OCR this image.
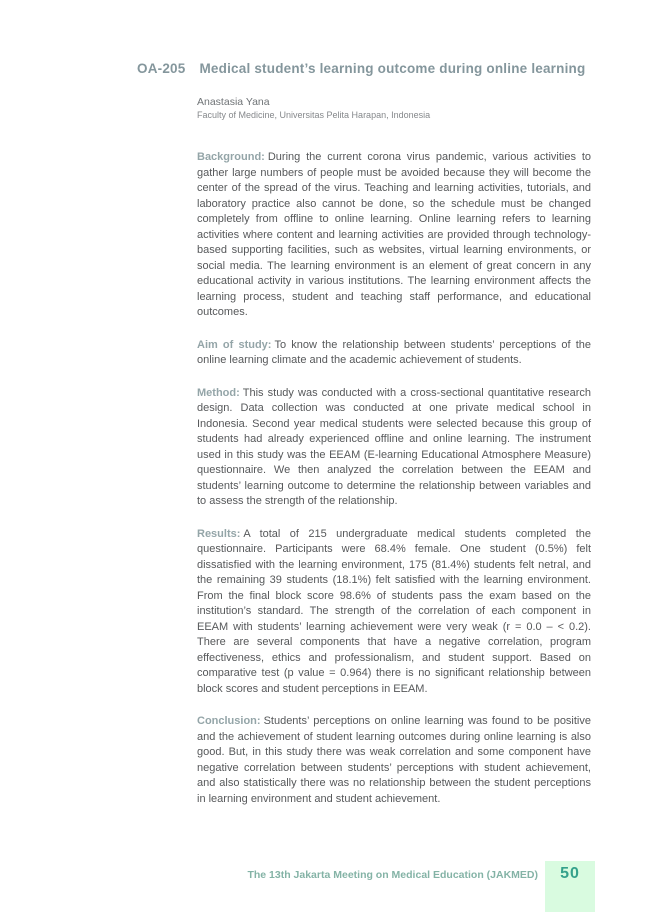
OA-205 Medical student’s learning outcome during online learning
Anastasia Yana
Faculty of Medicine, Universitas Pelita Harapan, Indonesia

Background: During the current corona virus pandemic, various activities to gather large numbers of people must be avoided because they will become the center of the spread of the virus. Teaching and learning activities, tutorials, and laboratory practice also cannot be done, so the schedule must be changed completely from offline to online learning. Online learning refers to learning activities where content and learning activities are provided through technology-based supporting facilities, such as websites, virtual learning environments, or social media. The learning environment is an element of great concern in any educational activity in various institutions. The learning environment affects the learning process, student and teaching staff performance, and educational outcomes.

Aim of study: To know the relationship between students’ perceptions of the online learning climate and the academic achievement of students.

Method: This study was conducted with a cross-sectional quantitative research design. Data collection was conducted at one private medical school in Indonesia. Second year medical students were selected because this group of students had already experienced offline and online learning. The instrument used in this study was the EEAM (E-learning Educational Atmosphere Measure) questionnaire. We then analyzed the correlation between the EEAM and students’ learning outcome to determine the relationship between variables and to assess the strength of the relationship.

Results: A total of 215 undergraduate medical students completed the questionnaire. Participants were 68.4% female. One student (0.5%) felt dissatisfied with the learning environment, 175 (81.4%) students felt netral, and the remaining 39 students (18.1%) felt satisfied with the learning environment. From the final block score 98.6% of students pass the exam based on the institution’s standard. The strength of the correlation of each component in EEAM with students’ learning achievement were very weak (r = 0.0 – < 0.2). There are several components that have a negative correlation, program effectiveness, ethics and professionalism, and student support. Based on comparative test (p value = 0.964) there is no significant relationship between block scores and student perceptions in EEAM.

Conclusion: Students’ perceptions on online learning was found to be positive and the achievement of student learning outcomes during online learning is also good. But, in this study there was weak correlation and some component have negative correlation between students’ perceptions with student achievement, and also statistically there was no relationship between the student perceptions in learning environment and student achievement.

The 13th Jakarta Meeting on Medical Education (JAKMED)	50
